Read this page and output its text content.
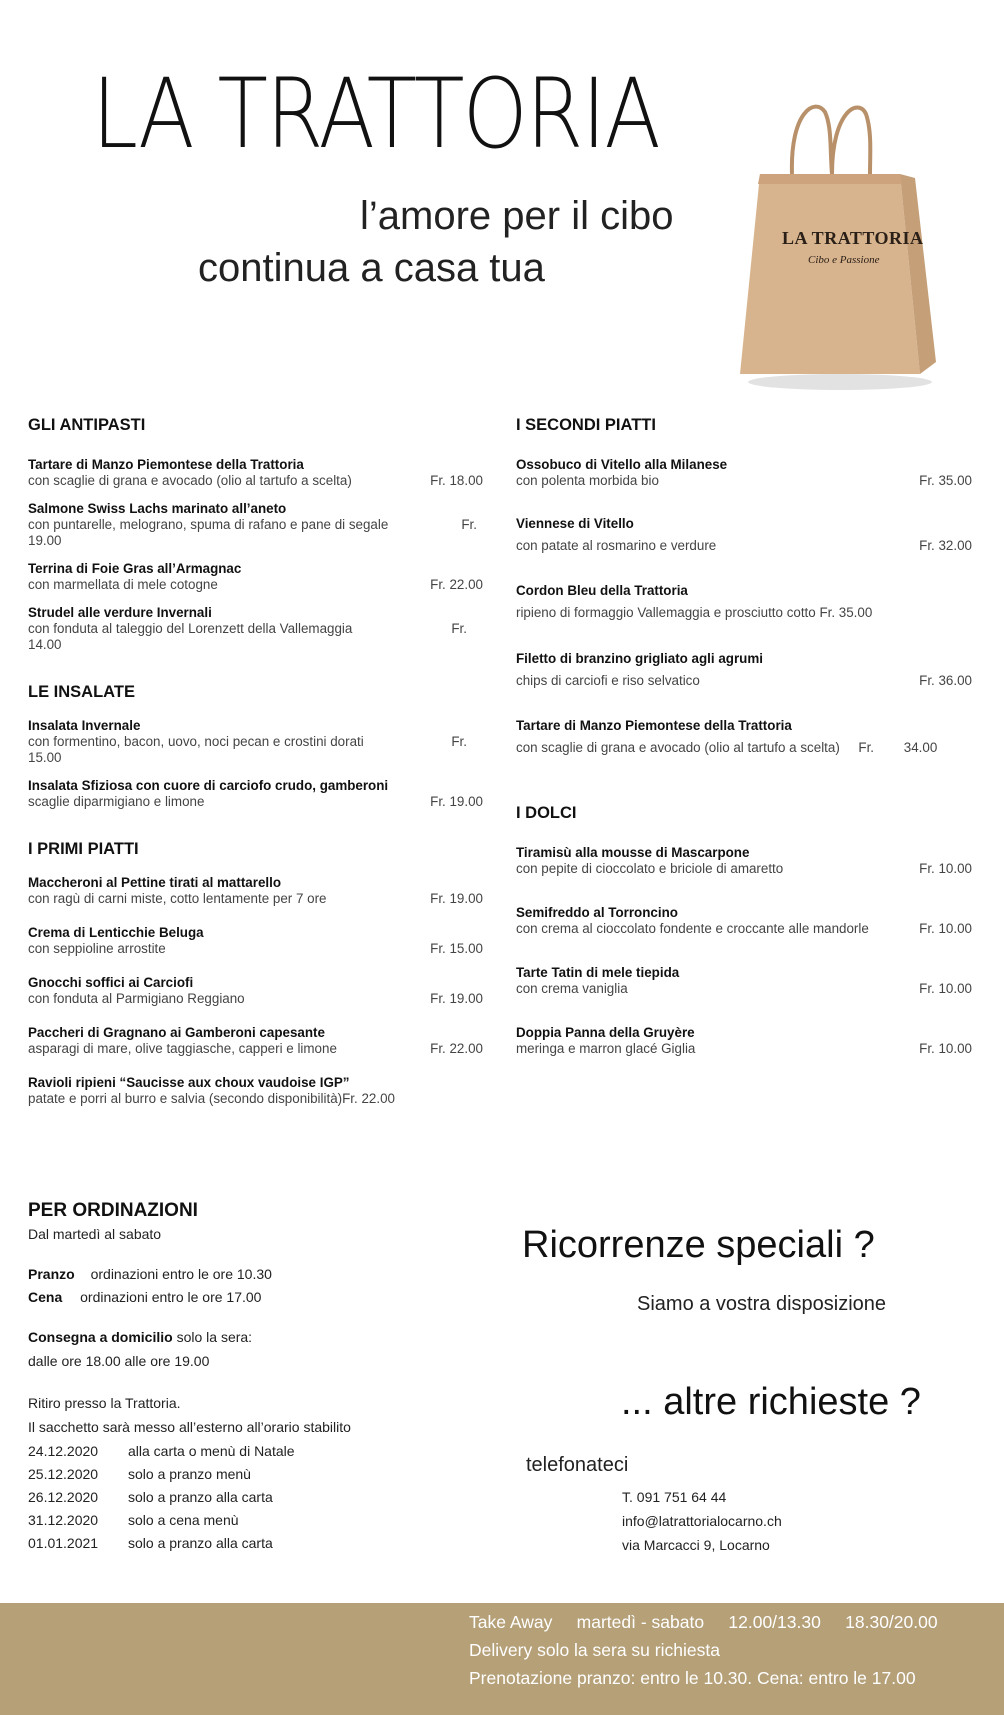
LA TRATTORIA
l’amore per il cibo
continua a casa tua
LA TRATTORIA
Cibo e Passione
GLI ANTIPASTI
Tartare di Manzo Piemontese della Trattoria
con scaglie di grana e avocado (olio al tartufo a scelta)	Fr. 18.00
Salmone Swiss Lachs marinato all’aneto
con puntarelle, melograno, spuma di rafano e pane di segale	Fr.
19.00
Terrina di Foie Gras all’Armagnac
con marmellata di mele cotogne	Fr. 22.00
Strudel alle verdure Invernali
con fonduta al taleggio del Lorenzett della Vallemaggia	Fr.
14.00
LE INSALATE
Insalata Invernale
con formentino, bacon, uovo, noci pecan e crostini dorati	Fr.
15.00
Insalata Sfiziosa con cuore di carciofo crudo, gamberoni
scaglie diparmigiano e limone	Fr. 19.00
I PRIMI PIATTI
Maccheroni al Pettine tirati al mattarello
con ragù di carni miste, cotto lentamente per 7 ore	Fr. 19.00
Crema di Lenticchie Beluga
con seppioline arrostite	Fr. 15.00
Gnocchi soffici ai Carciofi
con fonduta al Parmigiano Reggiano	Fr. 19.00
Paccheri di Gragnano ai Gamberoni capesante
asparagi di mare, olive taggiasche, capperi e limone	Fr. 22.00
Ravioli ripieni “Saucisse aux choux vaudoise IGP”
patate e porri al burro e salvia (secondo disponibilità)Fr. 22.00
I SECONDI PIATTI
Ossobuco di Vitello alla Milanese
con polenta morbida bio	Fr. 35.00
Viennese di Vitello
con patate al rosmarino e verdure	Fr. 32.00
Cordon Bleu della Trattoria
ripieno di formaggio Vallemaggia e prosciutto cotto Fr. 35.00
Filetto di branzino grigliato agli agrumi
chips di carciofi e riso selvatico	Fr. 36.00
Tartare di Manzo Piemontese della Trattoria
con scaglie di grana e avocado (olio al tartufo a scelta)     Fr.        34.00
I DOLCI
Tiramisù alla mousse di Mascarpone
con pepite di cioccolato e briciole di amaretto	Fr. 10.00
Semifreddo al Torroncino
con crema al cioccolato fondente e croccante alle mandorle	Fr. 10.00
Tarte Tatin di mele tiepida
con crema vaniglia	Fr. 10.00
Doppia Panna della Gruyère
meringa e marron glacé Giglia	Fr. 10.00
PER ORDINAZIONI
Dal martedì al sabato
Pranzo ordinazioni entro le ore 10.30
Cena ordinazioni entro le ore 17.00
Consegna a domicilio solo la sera:
dalle ore 18.00 alle ore 19.00
Ritiro presso la Trattoria.
Il sacchetto sarà messo all’esterno all’orario stabilito
24.12.2020	alla carta o menù di Natale
25.12.2020	solo a pranzo menù
26.12.2020	solo a pranzo alla carta
31.12.2020	solo a cena menù
01.01.2021	solo a pranzo alla carta
Ricorrenze speciali ?
Siamo a vostra disposizione
... altre richieste ?
telefonateci
T. 091 751 64 44
info@latrattorialocarno.ch
via Marcacci 9, Locarno
Take Away     martedì - sabato     12.00/13.30     18.30/20.00
Delivery solo la sera su richiesta
Prenotazione pranzo: entro le 10.30. Cena: entro le 17.00
